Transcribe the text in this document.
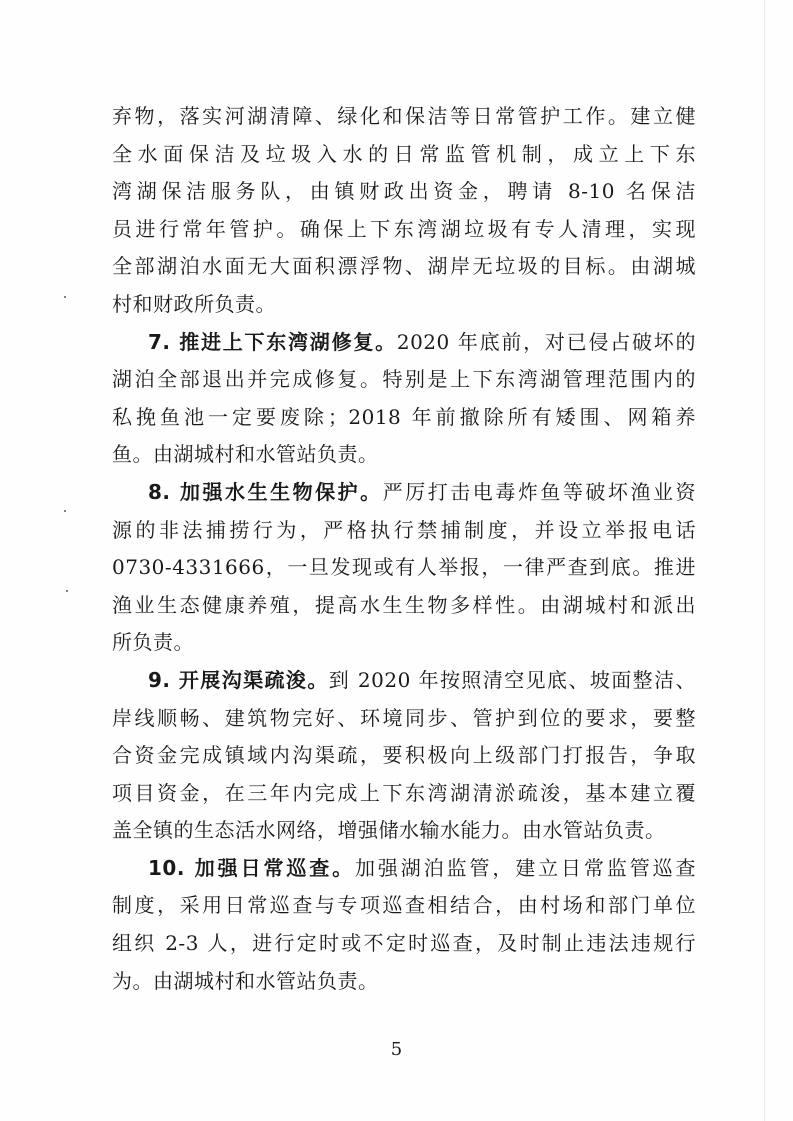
弃物，落实河湖清障、绿化和保洁等日常管护工作。建立健
全水面保洁及垃圾入水的日常监管机制，成立上下东
湾湖保洁服务队，由镇财政出资金，聘请 8-10 名保洁
员进行常年管护。确保上下东湾湖垃圾有专人清理，实现
全部湖泊水面无大面积漂浮物、湖岸无垃圾的目标。由湖城
村和财政所负责。
7. 推进上下东湾湖修复。2020 年底前，对已侵占破坏的
湖泊全部退出并完成修复。特别是上下东湾湖管理范围内的
私挽鱼池一定要废除；2018 年前撤除所有矮围、网箱养
鱼。由湖城村和水管站负责。
8. 加强水生生物保护。严厉打击电毒炸鱼等破坏渔业资
源的非法捕捞行为，严格执行禁捕制度，并设立举报电话
0730-4331666，一旦发现或有人举报，一律严查到底。推进
渔业生态健康养殖，提高水生生物多样性。由湖城村和派出
所负责。
9. 开展沟渠疏浚。到 2020 年按照清空见底、坡面整洁、
岸线顺畅、建筑物完好、环境同步、管护到位的要求，要整
合资金完成镇域内沟渠疏，要积极向上级部门打报告，争取
项目资金，在三年内完成上下东湾湖清淤疏浚，基本建立覆
盖全镇的生态活水网络，增强储水输水能力。由水管站负责。
10. 加强日常巡查。加强湖泊监管，建立日常监管巡查
制度，采用日常巡查与专项巡查相结合，由村场和部门单位
组织 2-3 人，进行定时或不定时巡查，及时制止违法违规行
为。由湖城村和水管站负责。
5
